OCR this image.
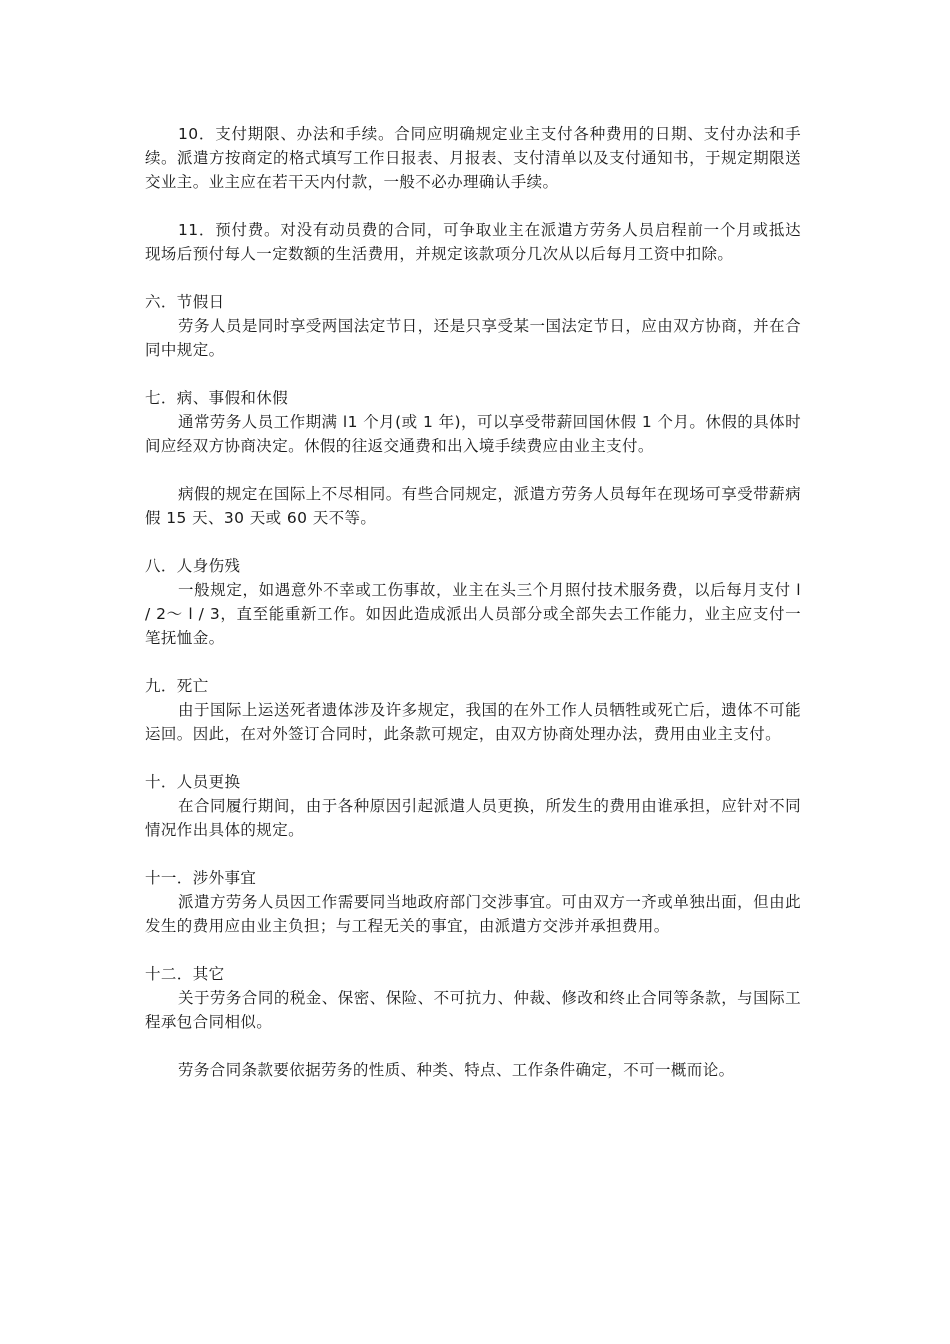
10．支付期限、办法和手续。合同应明确规定业主支付各种费用的日期、支付办法和手续。派遣方按商定的格式填写工作日报表、月报表、支付清单以及支付通知书，于规定期限送交业主。业主应在若干天内付款，一般不必办理确认手续。

11．预付费。对没有动员费的合同，可争取业主在派遣方劳务人员启程前一个月或抵达现场后预付每人一定数额的生活费用，并规定该款项分几次从以后每月工资中扣除。

六．节假日

劳务人员是同时享受两国法定节日，还是只享受某一国法定节日，应由双方协商，并在合同中规定。

七．病、事假和休假

通常劳务人员工作期满 l1 个月(或 1 年)，可以享受带薪回国休假 1 个月。休假的具体时间应经双方协商决定。休假的往返交通费和出入境手续费应由业主支付。

病假的规定在国际上不尽相同。有些合同规定，派遣方劳务人员每年在现场可享受带薪病假 15 天、30 天或 60 天不等。

八．人身伤残

一般规定，如遇意外不幸或工伤事故，业主在头三个月照付技术服务费，以后每月支付 l / 2～ l / 3，直至能重新工作。如因此造成派出人员部分或全部失去工作能力，业主应支付一笔抚恤金。

九．死亡

由于国际上运送死者遗体涉及许多规定，我国的在外工作人员牺牲或死亡后，遗体不可能运回。因此，在对外签订合同时，此条款可规定，由双方协商处理办法，费用由业主支付。

十．人员更换

在合同履行期间，由于各种原因引起派遣人员更换，所发生的费用由谁承担，应针对不同情况作出具体的规定。

十一．涉外事宜

派遣方劳务人员因工作需要同当地政府部门交涉事宜。可由双方一齐或单独出面，但由此发生的费用应由业主负担；与工程无关的事宜，由派遣方交涉并承担费用。

十二．其它

关于劳务合同的税金、保密、保险、不可抗力、仲裁、修改和终止合同等条款，与国际工程承包合同相似。

劳务合同条款要依据劳务的性质、种类、特点、工作条件确定，不可一概而论。
